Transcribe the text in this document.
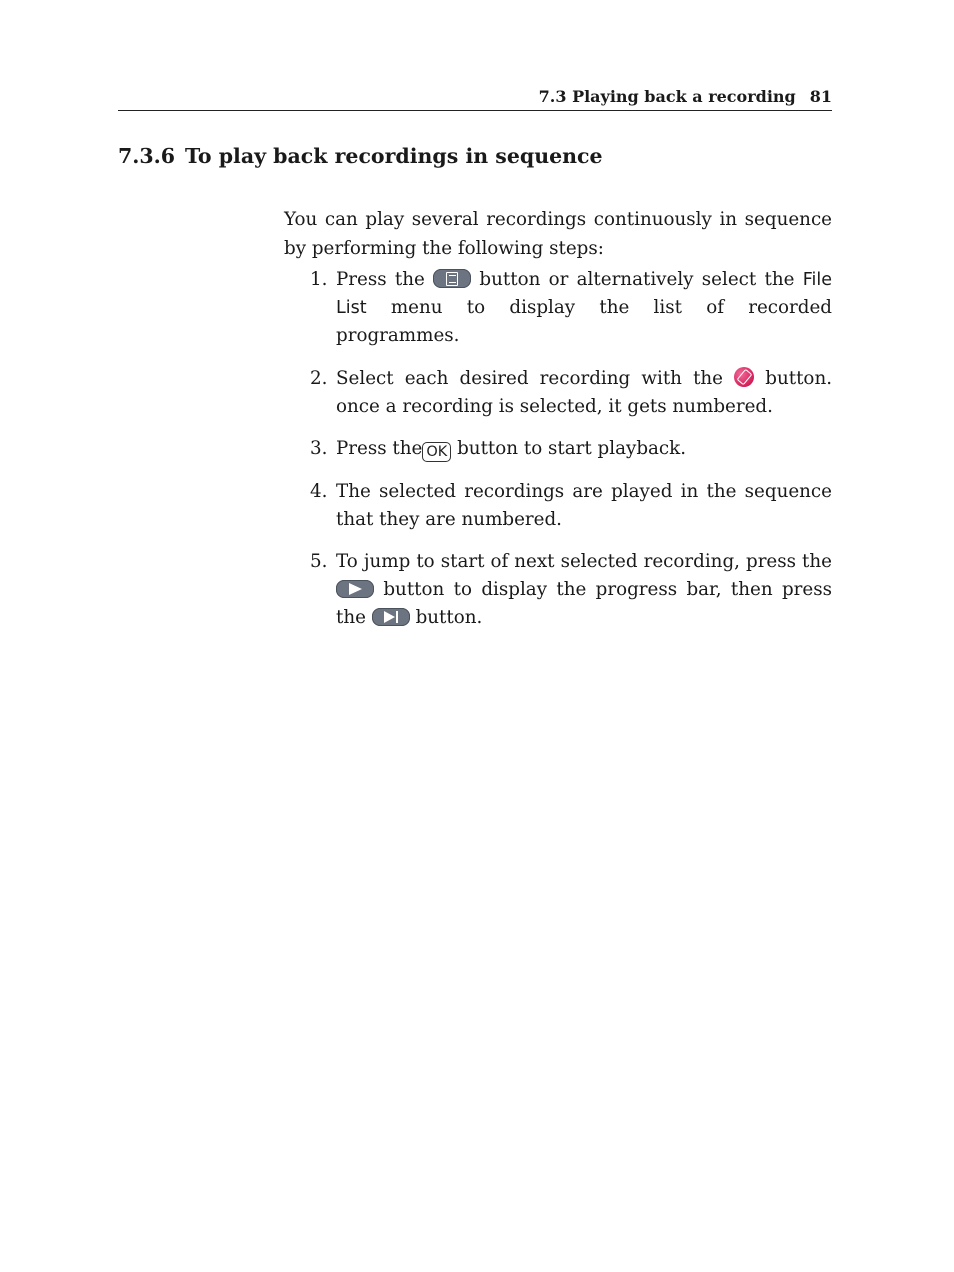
7.3 Playing back a recording 81
7.3.6 To play back recordings in sequence

You can play several recordings continuously in sequence by performing the following steps:

1. Press the	button or alternatively select the File List menu to display the list of recorded programmes.
2. Select each desired recording with the button. once a recording is selected, it gets numbered.
3. Press the OK button to start playback.
4. The selected recordings are played in the sequence that they are numbered.
5. To jump to start of next selected recording, press the  button to display the progress bar, then press the	button.
